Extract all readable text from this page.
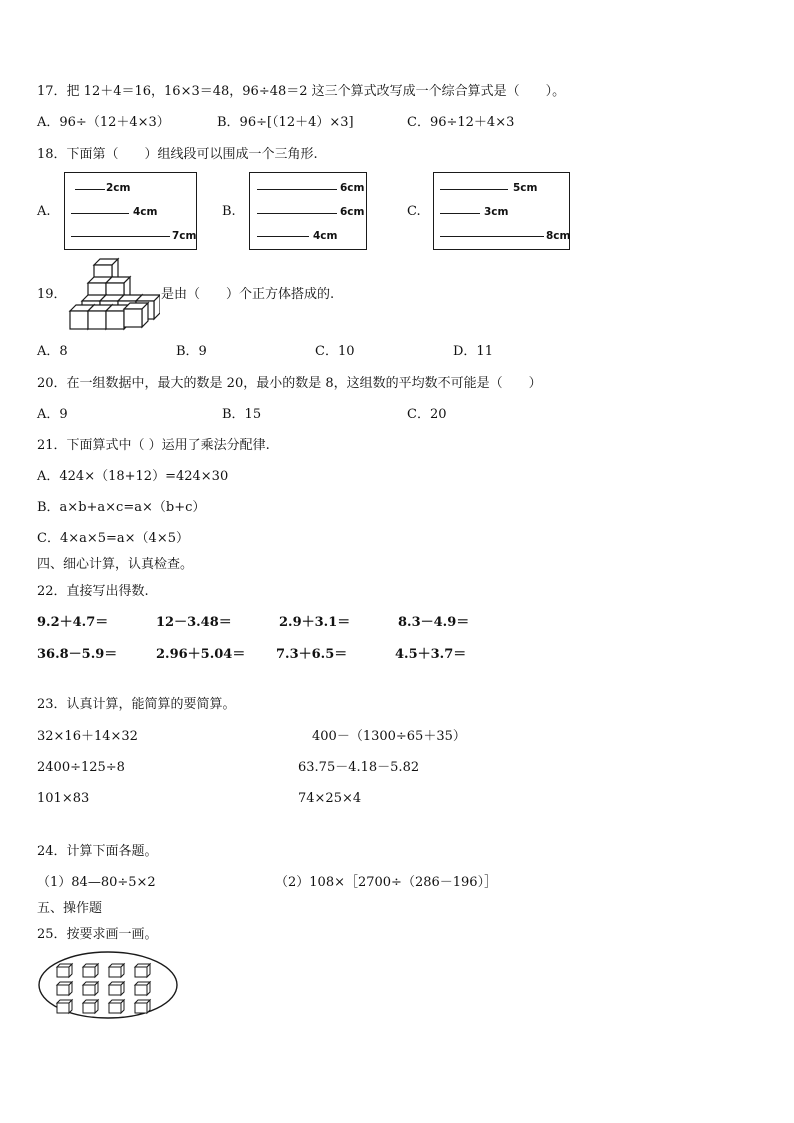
17．把 12＋4＝16，16×3＝48，96÷48＝2 这三个算式改写成一个综合算式是（　　）。
A．96÷（12＋4×3）	B．96÷[（12＋4）×3]	C．96÷12＋4×3
18．下面第（　　）组线段可以围成一个三角形.
A.
2cm
4cm
7cm
B.
6cm
6cm
4cm
C.
5cm
3cm
8cm
19．	是由（　　）个正方体搭成的.
A．8	B．9	C．10	D．11
20．在一组数据中，最大的数是 20，最小的数是 8，这组数的平均数不可能是（　　）
A．9	B．15	C．20
21．下面算式中（ ）运用了乘法分配律.
A．424×（18+12）=424×30
B．a×b+a×c=a×（b+c）
C．4×a×5=a×（4×5）
四、细心计算，认真检查。
22．直接写出得数.
9.2＋4.7＝	12－3.48＝	2.9＋3.1＝	8.3－4.9＝
36.8－5.9＝	2.96＋5.04＝ 7.3＋6.5＝	4.5＋3.7＝
23．认真计算，能简算的要简算。
32×16＋14×32	400－（1300÷65＋35）
2400÷125÷8	63.75－4.18－5.82
101×83	74×25×4
24．计算下面各题。
（1）84—80÷5×2	（2）108×［2700÷（286－196）］
五、操作题
25．按要求画一画。
